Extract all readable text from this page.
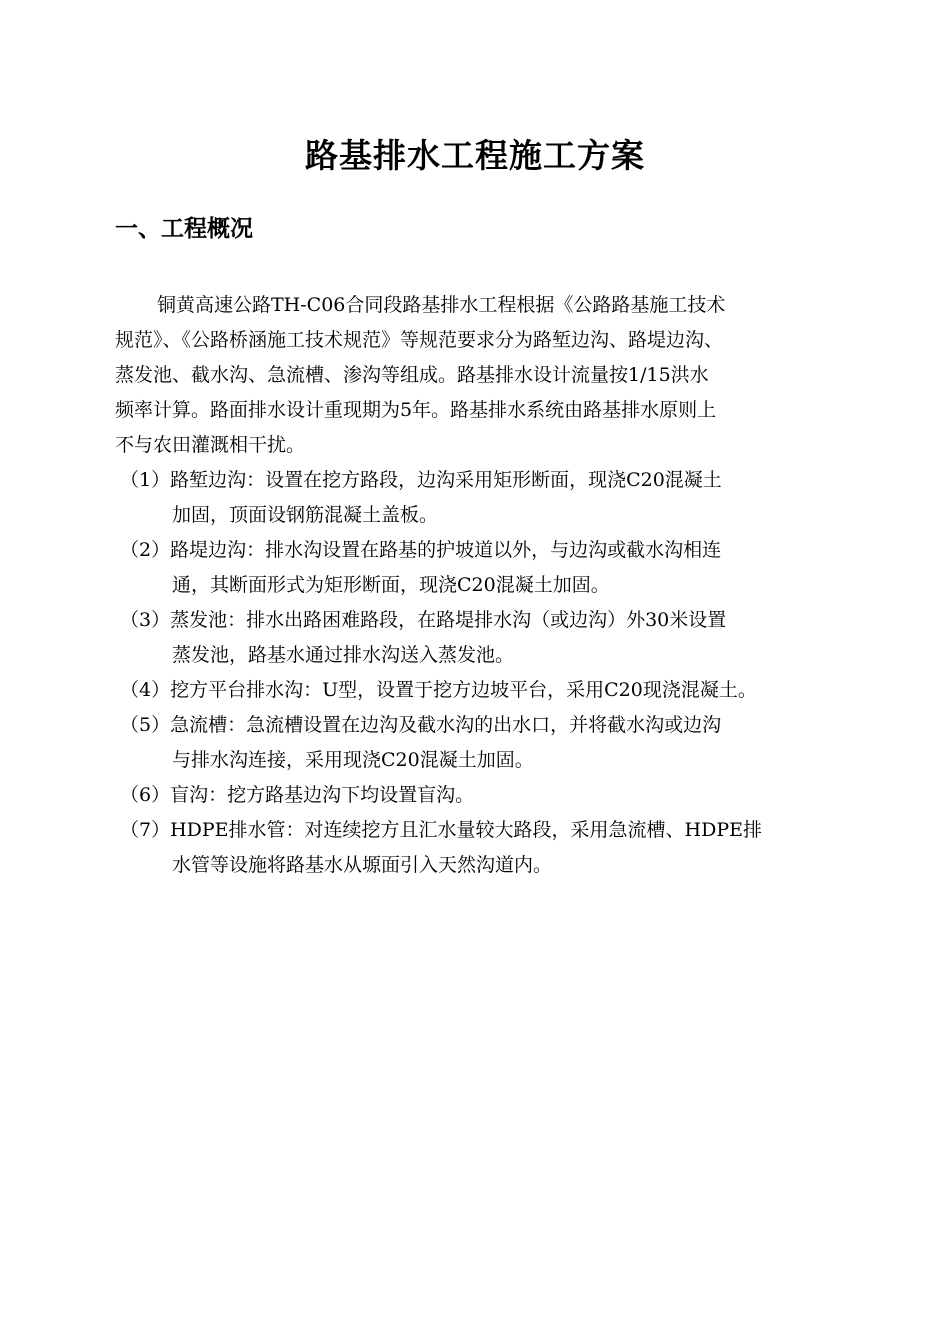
路基排水工程施工方案
一、工程概况
铜黄高速公路TH-C06合同段路基排水工程根据《公路路基施工技术
规范》、《公路桥涵施工技术规范》等规范要求分为路堑边沟、路堤边沟、
蒸发池、截水沟、急流槽、渗沟等组成。路基排水设计流量按1/15洪水
频率计算。路面排水设计重现期为5年。路基排水系统由路基排水原则上
不与农田灌溉相干扰。
（1）路堑边沟：设置在挖方路段，边沟采用矩形断面，现浇C20混凝土
加固，顶面设钢筋混凝土盖板。
（2）路堤边沟：排水沟设置在路基的护坡道以外，与边沟或截水沟相连
通，其断面形式为矩形断面，现浇C20混凝土加固。
（3）蒸发池：排水出路困难路段，在路堤排水沟（或边沟）外30米设置
蒸发池，路基水通过排水沟送入蒸发池。
（4）挖方平台排水沟：U型，设置于挖方边坡平台，采用C20现浇混凝土。
（5）急流槽：急流槽设置在边沟及截水沟的出水口，并将截水沟或边沟
与排水沟连接，采用现浇C20混凝土加固。
（6）盲沟：挖方路基边沟下均设置盲沟。
（7）HDPE排水管：对连续挖方且汇水量较大路段，采用急流槽、HDPE排
水管等设施将路基水从塬面引入天然沟道内。
